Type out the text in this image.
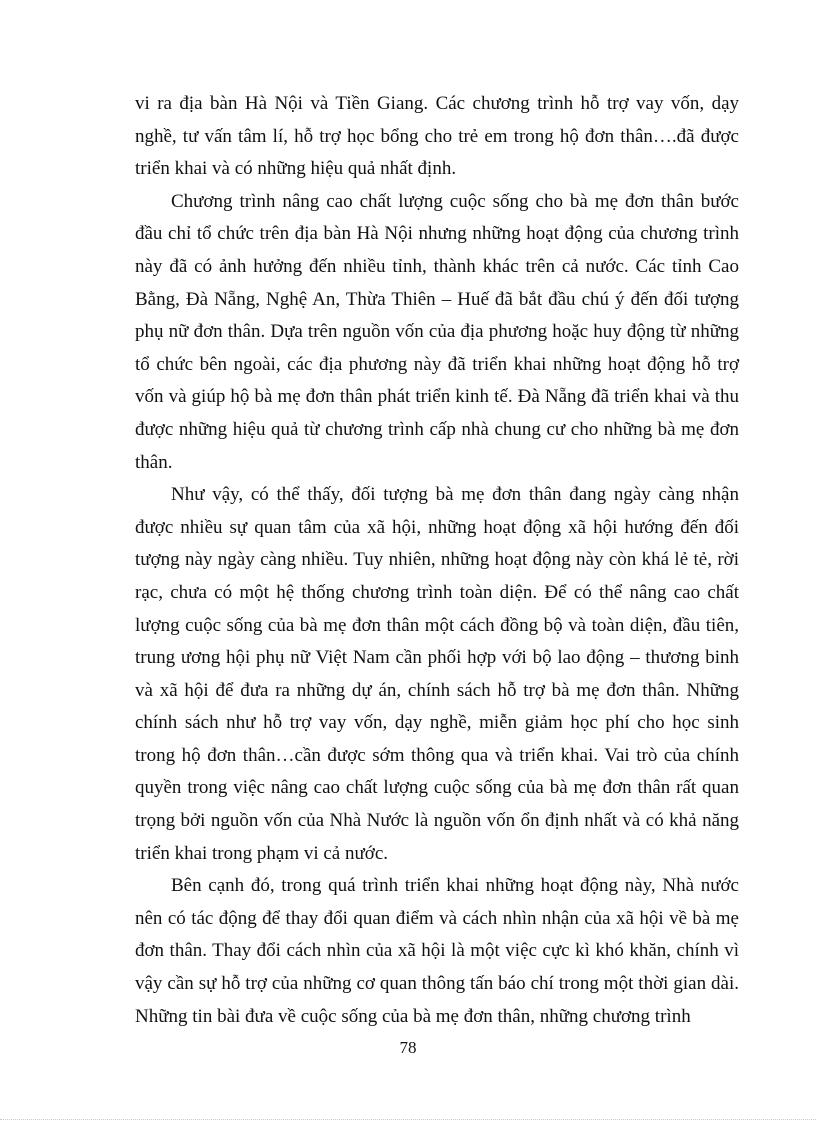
vi ra địa bàn Hà Nội và Tiền Giang. Các chương trình hỗ trợ vay vốn, dạy nghề, tư vấn tâm lí, hỗ trợ học bổng cho trẻ em trong hộ đơn thân….đã được triển khai và có những hiệu quả nhất định.

Chương trình nâng cao chất lượng cuộc sống cho bà mẹ đơn thân bước đầu chỉ tổ chức trên địa bàn Hà Nội nhưng những hoạt động của chương trình này đã có ảnh hưởng đến nhiều tỉnh, thành khác trên cả nước. Các tỉnh Cao Bằng, Đà Nẵng, Nghệ An, Thừa Thiên – Huế đã bắt đầu chú ý đến đối tượng phụ nữ đơn thân. Dựa trên nguồn vốn của địa phương hoặc huy động từ những tổ chức bên ngoài, các địa phương này đã triển khai những hoạt động hỗ trợ vốn và giúp hộ bà mẹ đơn thân phát triển kinh tế. Đà Nẵng đã triển khai và thu được những hiệu quả từ chương trình cấp nhà chung cư cho những bà mẹ đơn thân.

Như vậy, có thể thấy, đối tượng bà mẹ đơn thân đang ngày càng nhận được nhiều sự quan tâm của xã hội, những hoạt động xã hội hướng đến đối tượng này ngày càng nhiều. Tuy nhiên, những hoạt động này còn khá lẻ tẻ, rời rạc, chưa có một hệ thống chương trình toàn diện. Để có thể nâng cao chất lượng cuộc sống của bà mẹ đơn thân một cách đồng bộ và toàn diện, đầu tiên, trung ương hội phụ nữ Việt Nam cần phối hợp với bộ lao động – thương binh và xã hội để đưa ra những dự án, chính sách hỗ trợ bà mẹ đơn thân. Những chính sách như hỗ trợ vay vốn, dạy nghề, miễn giảm học phí cho học sinh trong hộ đơn thân…cần được sớm thông qua và triển khai. Vai trò của chính quyền trong việc nâng cao chất lượng cuộc sống của bà mẹ đơn thân rất quan trọng bởi nguồn vốn của Nhà Nước là nguồn vốn ổn định nhất và có khả năng triển khai trong phạm vi cả nước.

Bên cạnh đó, trong quá trình triển khai những hoạt động này, Nhà nước nên có tác động để thay đổi quan điểm và cách nhìn nhận của xã hội về bà mẹ đơn thân. Thay đổi cách nhìn của xã hội là một việc cực kì khó khăn, chính vì vậy cần sự hỗ trợ của những cơ quan thông tấn báo chí trong một thời gian dài. Những tin bài đưa về cuộc sống của bà mẹ đơn thân, những chương trình

78
